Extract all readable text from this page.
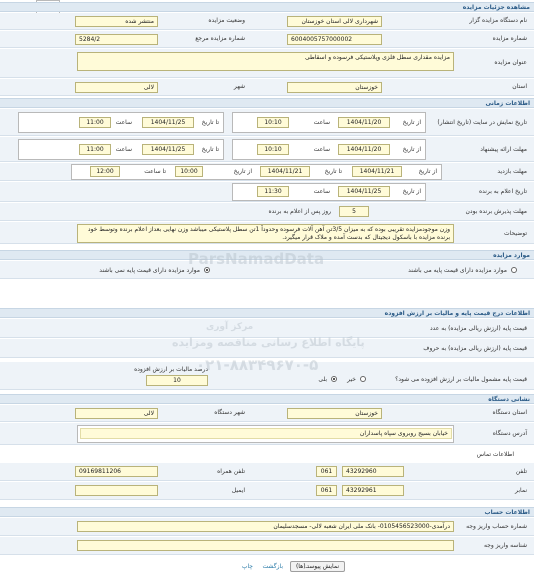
مشاهده جزئیات مزایده
نام دستگاه مزایده گزار
شهرداری لالی استان خوزستان
وضعیت مزایده
منتشر شده
شماره مزایده
6004005757000002
شماره مزایده مرجع
5284/2
عنوان مزایده
مزایده مقداری سطل فلزی وپلاستیکی فرسوده و اسقاطی
استان
خوزستان
شهر
لالی
اطلاعات زمانی
تاریخ نمایش در سایت (تاریخ انتشار)
از تاریخ
1404/11/20
ساعت
10:10
تا تاریخ
1404/11/25
ساعت
11:00
مهلت ارائه پیشنهاد
از تاریخ
1404/11/20
ساعت
10:10
تا تاریخ
1404/11/25
ساعت
11:00
مهلت بازدید
از تاریخ
1404/11/21
تا تاریخ
1404/11/21
از تاریخ
10:00
تا ساعت
12:00
تاریخ اعلام به برنده
از تاریخ
1404/11/25
ساعت
11:30
مهلت پذیرش برنده بودن
5
روز پس از اعلام به برنده
توضیحات
وزن موجودمزایده تقریبی بوده که به میزان 3/5تن آهن آلات فرسوده وحدوداً 1تن سطل پلاستیکی میباشد وزن نهایی بعداز اعلام برنده وتوسط خود برنده مزایده با باسکول دیجیتال که بدست آمده و ملاک قرار میگیرد.
موارد مزایده
موارد مزایده دارای قیمت پایه می باشند
موارد مزایده دارای قیمت پایه نمی باشند
اطلاعات درج قیمت پایه و مالیات بر ارزش افزوده
قیمت پایه (ارزش ریالی مزایده) به عدد
قیمت پایه (ارزش ریالی مزایده) به حروف
قیمت پایه مشمول مالیات بر ارزش افزوده می شود؟
بلی	خیر
درصد مالیات بر ارزش افزوده
10
نشانی دستگاه
استان دستگاه
خوزستان
شهر دستگاه
لالی
آدرس دستگاه
خیابان بسیج روبروی سپاه پاسداران
اطلاعات تماس
تلفن
43292960
061
تلفن همراه
09169811206
نمابر
43292961
061
ایمیل
اطلاعات حساب
شماره حساب واریز وجه
درآمدی-0105456523000- بانک ملی ایران شعبه لالی- مسجدسلیمان
شناسه واریز وجه
نمایش پیوستـ(ها)
بازگشت
چاپ
ParsNamadData
پایگاه اطلاع رسانی مناقصه ومزایده
۰۲۱-۸۸۳۴۹۶۷۰-۵
مرکز آوری
